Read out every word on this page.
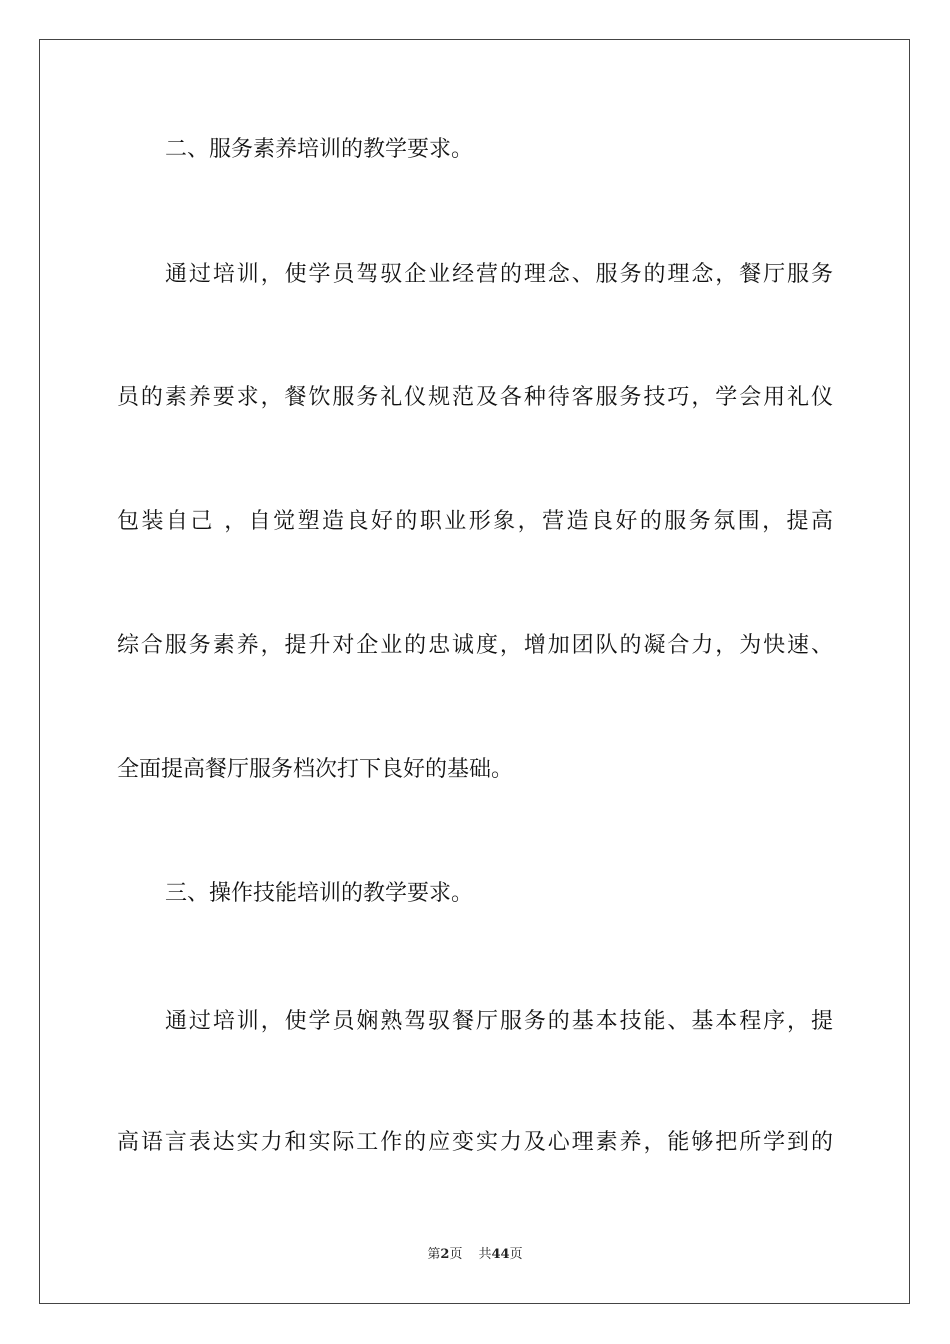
二、服务素养培训的教学要求。
通过培训，使学员驾驭企业经营的理念、服务的理念，餐厅服务
员的素养要求，餐饮服务礼仪规范及各种待客服务技巧，学会用礼仪
包装自己 ，自觉塑造良好的职业形象，营造良好的服务氛围，提高
综合服务素养，提升对企业的忠诚度，增加团队的凝合力，为快速、
全面提高餐厅服务档次打下良好的基础。
三、操作技能培训的教学要求。
通过培训，使学员娴熟驾驭餐厅服务的基本技能、基本程序，提
高语言表达实力和实际工作的应变实力及心理素养，能够把所学到的
第2页 共44页
